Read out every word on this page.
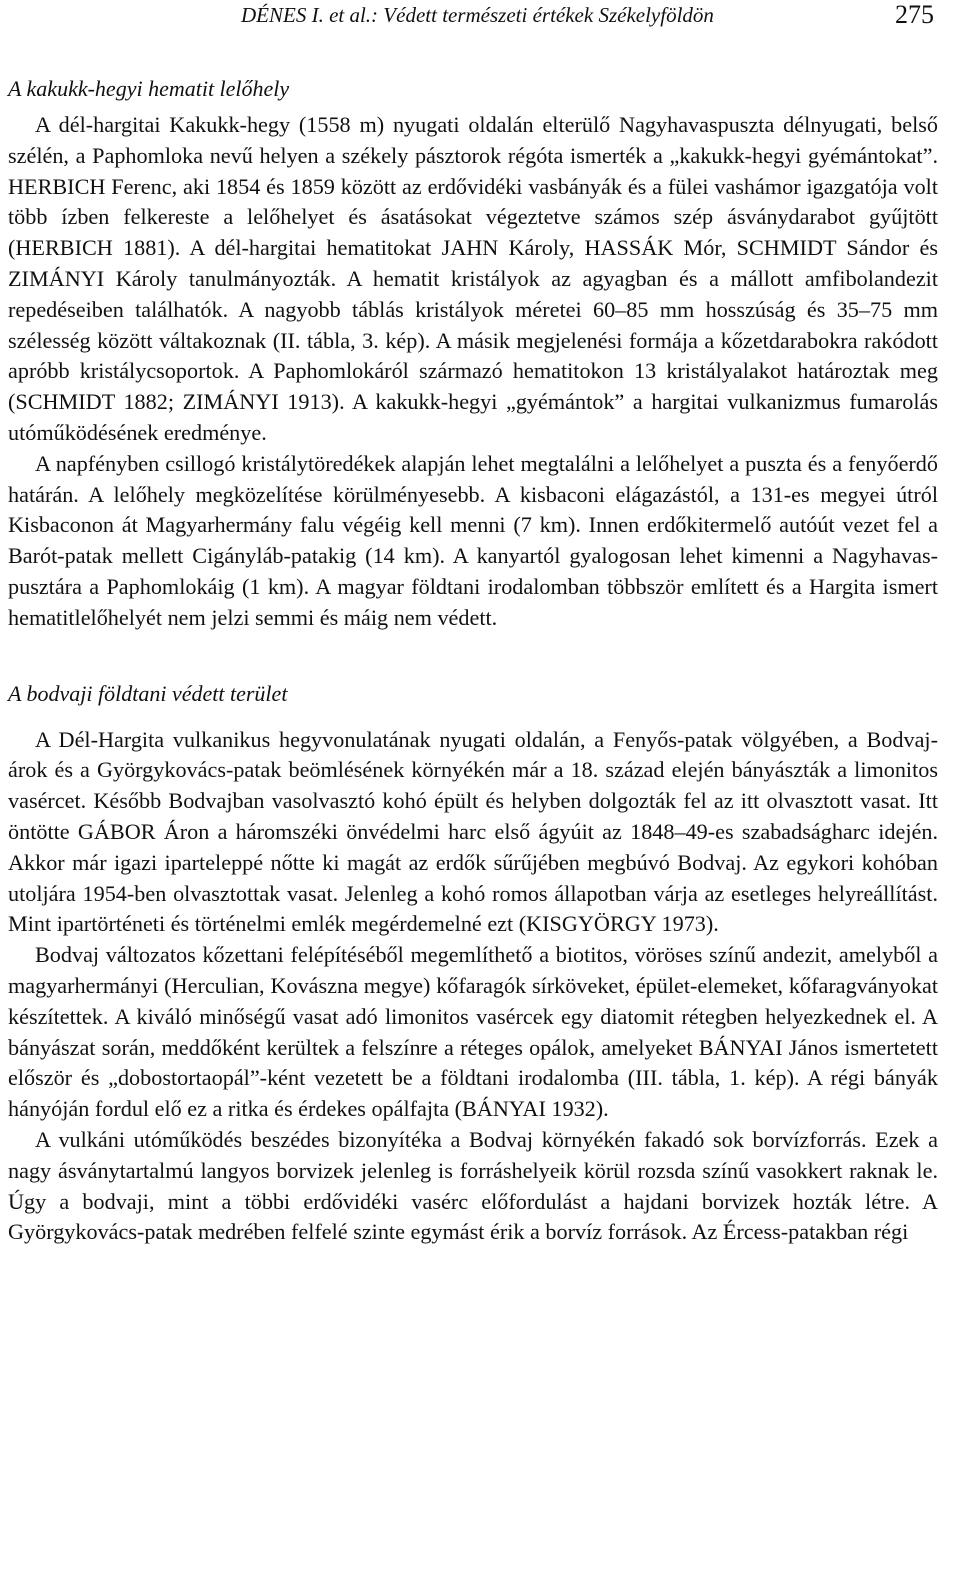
DÉNES I. et al.: Védett természeti értékek Székelyföldön	275
A kakukk-hegyi hematit lelőhely

A dél-hargitai Kakukk-hegy (1558 m) nyugati oldalán elterülő Nagyhavaspuszta délnyugati, belső szélén, a Paphomloka nevű helyen a székely pásztorok régóta ismerték a „kakukk-hegyi gyémántokat”. HERBICH Ferenc, aki 1854 és 1859 között az erdővidéki vasbányák és a fülei vashámor igazgatója volt több ízben felkereste a lelőhelyet és ásatásokat végeztetve számos szép ásványdarabot gyűjtött (HERBICH 1881). A dél-hargitai hematitokat JAHN Károly, HASSÁK Mór, SCHMIDT Sándor és ZIMÁNYI Károly tanulmányozták. A hematit kristályok az agyagban és a mállott amfibolandezit repedéseiben találhatók. A nagyobb táblás kristályok méretei 60–85 mm hosszúság és 35–75 mm szélesség között váltakoznak (II. tábla, 3. kép). A másik megjelenési formája a kőzetdarabokra rakódott apróbb kristálycsoportok. A Paphomlokáról származó hematitokon 13 kristályalakot határoztak meg (SCHMIDT 1882; ZIMÁNYI 1913). A kakukk-hegyi „gyémántok” a hargitai vulkanizmus fumarolás utóműködésének eredménye.

A napfényben csillogó kristálytöredékek alapján lehet megtalálni a lelőhelyet a puszta és a fenyőerdő határán. A lelőhely megközelítése körülményesebb. A kisbaconi elágazástól, a 131-es megyei útról Kisbaconon át Magyarhermány falu végéig kell menni (7 km). Innen erdőkitermelő autóút vezet fel a Barót-patak mellett Cigányláb-patakig (14 km). A kanyartól gyalogosan lehet kimenni a Nagyhavaspusztára a Paphomlokáig (1 km). A magyar földtani irodalomban többször említett és a Hargita ismert hematitlelőhelyét nem jelzi semmi és máig nem védett.

A bodvaji földtani védett terület

A Dél-Hargita vulkanikus hegyvonulatának nyugati oldalán, a Fenyős-patak völgyében, a Bodvaj- árok és a Györgykovács-patak beömlésének környékén már a 18. század elején bányászták a limonitos vasércet. Később Bodvajban vasolvasztó kohó épült és helyben dolgozták fel az itt olvasztott vasat. Itt öntötte GÁBOR Áron a háromszéki önvédelmi harc első ágyúit az 1848–49-es szabadságharc idején. Akkor már igazi iparteleppé nőtte ki magát az erdők sűrűjében megbúvó Bodvaj. Az egykori kohóban utoljára 1954-ben olvasztottak vasat. Jelenleg a kohó romos állapotban várja az esetleges helyreállítást. Mint ipartörténeti és történelmi emlék megérdemelné ezt (KISGYÖRGY 1973).

Bodvaj változatos kőzettani felépítéséből megemlíthető a biotitos, vöröses színű andezit, amelyből a magyarhermányi (Herculian, Kovászna megye) kőfaragók sírköveket, épület-elemeket, kőfaragványokat készítettek. A kiváló minőségű vasat adó limonitos vasércek egy diatomit rétegben helyezkednek el. A bányászat során, meddőként kerültek a felszínre a réteges opálok, amelyeket BÁNYAI János ismertetett először és „dobostortaopál”-ként vezetett be a földtani irodalomba (III. tábla, 1. kép). A régi bányák hányóján fordul elő ez a ritka és érdekes opálfajta (BÁNYAI 1932).

A vulkáni utóműködés beszédes bizonyítéka a Bodvaj környékén fakadó sok borvízforrás. Ezek a nagy ásványtartalmú langyos borvizek jelenleg is forráshelyeik körül rozsda színű vasokkert raknak le. Úgy a bodvaji, mint a többi erdővidéki vasérc előfordulást a hajdani borvizek hozták létre. A Györgykovács-patak medrében felfelé szinte egymást érik a borvíz források. Az Ércess-patakban régi
